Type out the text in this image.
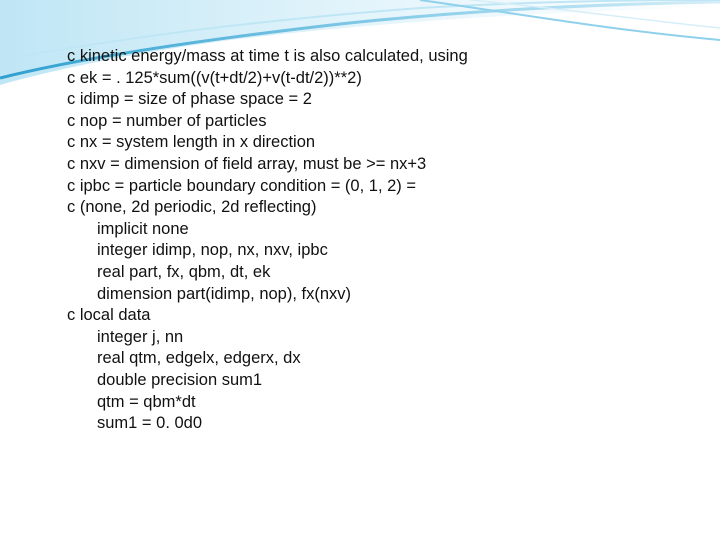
c kinetic energy/mass at time t is also calculated, using
c ek = . 125*sum((v(t+dt/2)+v(t-dt/2))**2)
c idimp = size of phase space = 2
c nop = number of particles
c nx = system length in x direction
c nxv = dimension of field array, must be >= nx+3
c ipbc = particle boundary condition = (0, 1, 2) =
c (none, 2d periodic, 2d reflecting)
implicit none
integer idimp, nop, nx, nxv, ipbc
real part, fx, qbm, dt, ek
dimension part(idimp, nop), fx(nxv)
c local data
integer j, nn
real qtm, edgelx, edgerx, dx
double precision sum1
qtm = qbm*dt
sum1 = 0. 0d0
